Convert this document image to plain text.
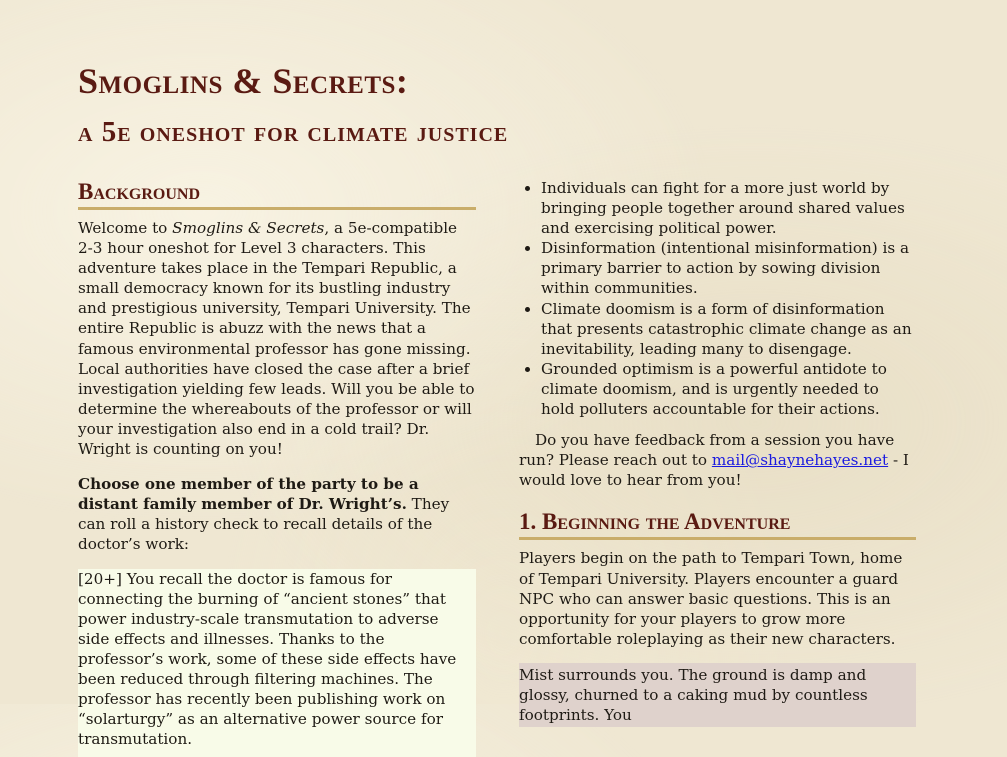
Smoglins & Secrets:
a 5e oneshot for climate justice
Background

Welcome to Smoglins & Secrets, a 5e-compatible 2-3 hour oneshot for Level 3 characters. This adventure takes place in the Tempari Republic, a small democracy known for its bustling industry and prestigious university, Tempari University. The entire Republic is abuzz with the news that a famous environmental professor has gone missing. Local authorities have closed the case after a brief investigation yielding few leads. Will you be able to determine the whereabouts of the professor or will your investigation also end in a cold trail? Dr. Wright is counting on you!

Choose one member of the party to be a distant family member of Dr. Wright’s. They can roll a history check to recall details of the doctor’s work:

[20+] You recall the doctor is famous for connecting the burning of “ancient stones” that power industry-scale transmutation to adverse side effects and illnesses. Thanks to the professor’s work, some of these side effects have been reduced through filtering machines. The professor has recently been publishing work on “solarturgy” as an alternative power source for transmutation.
• Individuals can fight for a more just world by bringing people together around shared values and exercising political power.
• Disinformation (intentional misinformation) is a primary barrier to action by sowing division within communities.
• Climate doomism is a form of disinformation that presents catastrophic climate change as an inevitability, leading many to disengage.
• Grounded optimism is a powerful antidote to climate doomism, and is urgently needed to hold polluters accountable for their actions.

Do you have feedback from a session you have run? Please reach out to mail@shaynehayes.net - I would love to hear from you!

1. Beginning the Adventure

Players begin on the path to Tempari Town, home of Tempari University. Players encounter a guard NPC who can answer basic questions. This is an opportunity for your players to grow more comfortable roleplaying as their new characters.

Mist surrounds you. The ground is damp and glossy, churned to a caking mud by countless footprints. You
